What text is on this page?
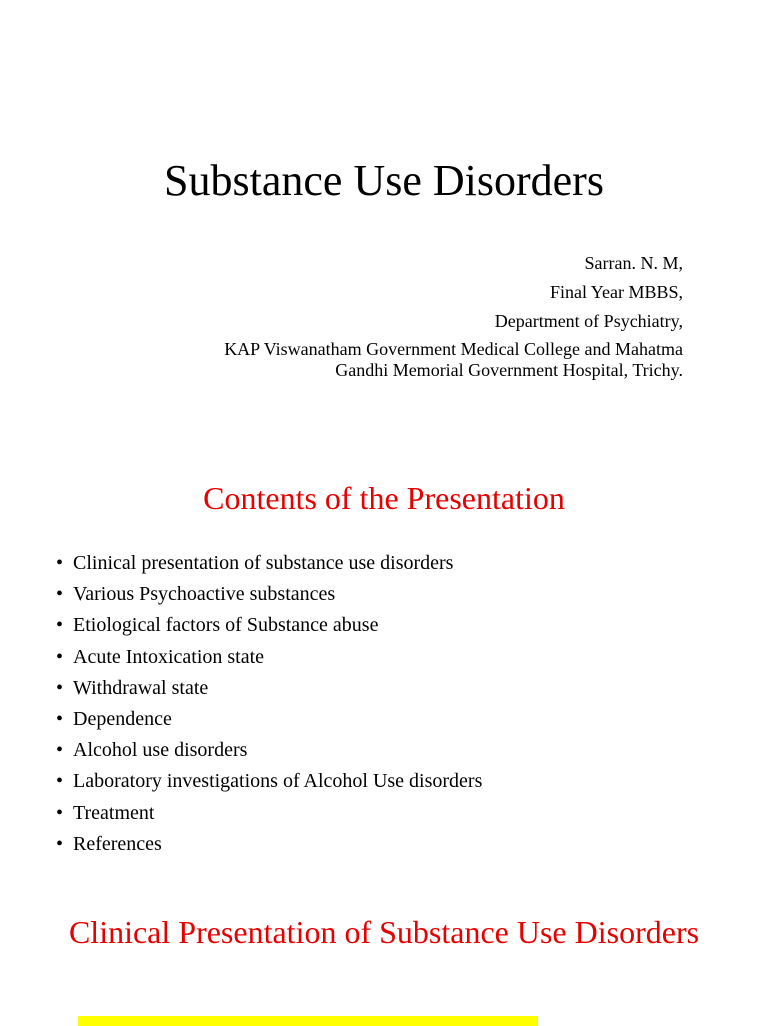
Substance Use Disorders
Sarran. N. M,
Final Year MBBS,
Department of Psychiatry,
KAP Viswanatham Government Medical College and Mahatma Gandhi Memorial Government Hospital, Trichy.
Contents of the Presentation
• Clinical presentation of substance use disorders
• Various Psychoactive substances
• Etiological factors of Substance abuse
• Acute Intoxication state
• Withdrawal state
• Dependence
• Alcohol use disorders
• Laboratory investigations of Alcohol Use disorders
• Treatment
• References
Clinical Presentation of Substance Use Disorders
